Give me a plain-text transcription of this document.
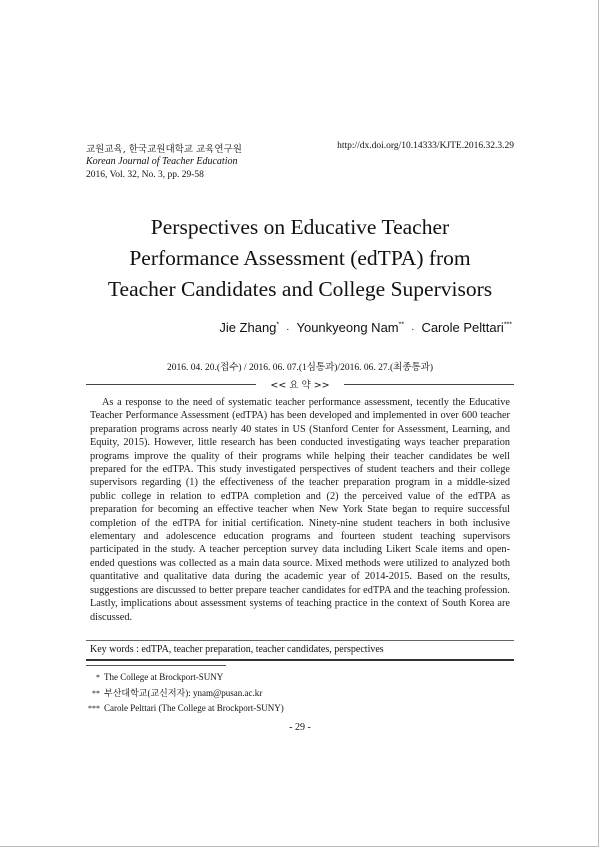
교원교육, 한국교원대학교 교육연구원
Korean Journal of Teacher Education
2016, Vol. 32, No. 3, pp. 29-58
http://dx.doi.org/10.14333/KJTE.2016.32.3.29
Perspectives on Educative Teacher
Performance Assessment (edTPA) from
Teacher Candidates and College Supervisors
Jie Zhang* · Younkyeong Nam** · Carole Pelttari***
2016. 04. 20.(접수) / 2016. 06. 07.(1심통과)/2016. 06. 27.(최종통과)
<< 요 약 >>
As a response to the need of systematic teacher performance assessment, tecently the Educative Teacher Performance Assessment (edTPA) has been developed and implemented in over 600 teacher preparation programs across nearly 40 states in US (Stanford Center for Assessment, Learning, and Equity, 2015). However, little research has been conducted investigating ways teacher preparation programs improve the quality of their programs while helping their teacher candidates be well prepared for the edTPA. This study investigated perspectives of student teachers and their college supervisors regarding (1) the effectiveness of the teacher preparation program in a middle-sized public college in relation to edTPA completion and (2) the perceived value of the edTPA as preparation for becoming an effective teacher when New York State began to require successful completion of the edTPA for initial certification. Ninety-nine student teachers in both inclusive elementary and adolescence education programs and fourteen student teaching supervisors participated in the study. A teacher perception survey data including Likert Scale items and open-ended questions was collected as a main data source. Mixed methods were utilized to analyzed both quantitative and qualitative data during the academic year of 2014-2015. Based on the results, suggestions are discussed to better prepare teacher candidates for edTPA and the teaching profession. Lastly, implications about assessment systems of teaching practice in the context of South Korea are discussed.
Key words : edTPA, teacher preparation, teacher candidates, perspectives
* The College at Brockport-SUNY
** 부산대학교(교신저자): ynam@pusan.ac.kr
*** Carole Pelttari (The College at Brockport-SUNY)
- 29 -
